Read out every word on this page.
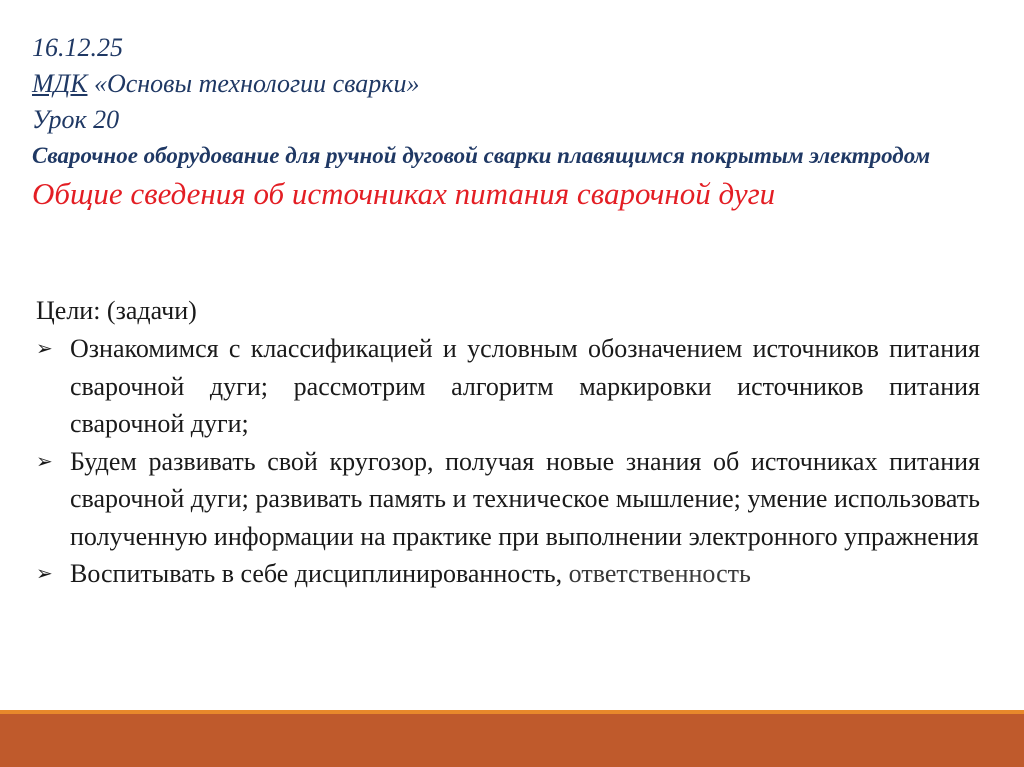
16.12.25
МДК «Основы технологии сварки»
Урок 20
Сварочное оборудование для ручной дуговой сварки плавящимся покрытым электродом
Общие сведения об источниках питания сварочной дуги
Цели: (задачи)
➢ Ознакомимся с классификацией и условным обозначением источников питания сварочной дуги; рассмотрим алгоритм маркировки источников питания сварочной дуги;
➢ Будем развивать свой кругозор, получая новые знания об источниках питания сварочной дуги; развивать память и техническое мышление; умение использовать полученную информации на практике при выполнении электронного упражнения
➢ Воспитывать в себе дисциплинированность, ответственность
